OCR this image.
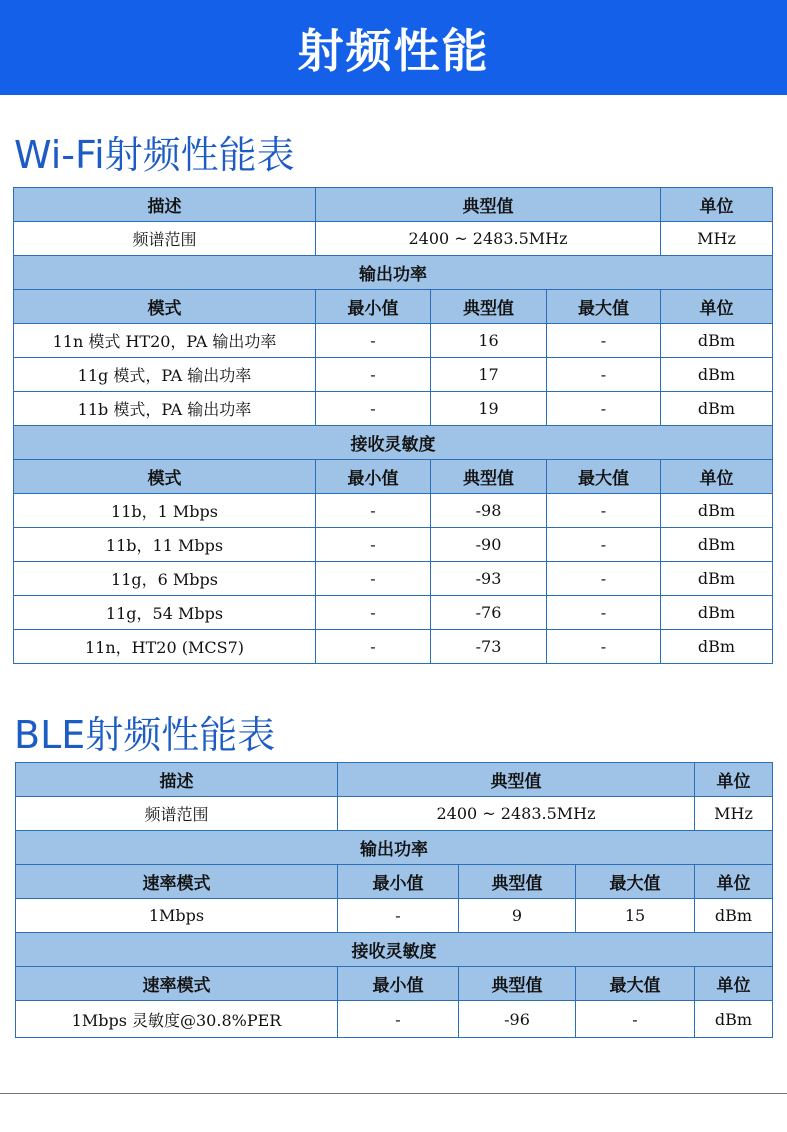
射频性能
Wi-Fi射频性能表
描述	典型值			单位
频谱范围	2400 ~ 2483.5MHz			MHz
输出功率				
模式	最小值	典型值	最大值	单位
11n 模式 HT20，PA 输出功率	-	16	-	dBm
11g 模式，PA 输出功率	-	17	-	dBm
11b 模式，PA 输出功率	-	19	-	dBm
接收灵敏度				
模式	最小值	典型值	最大值	单位
11b，1 Mbps	-	-98	-	dBm
11b，11 Mbps	-	-90	-	dBm
11g，6 Mbps	-	-93	-	dBm
11g，54 Mbps	-	-76	-	dBm
11n，HT20 (MCS7)	-	-73	-	dBm
BLE射频性能表
描述	典型值			单位
频谱范围	2400 ~ 2483.5MHz			MHz
输出功率				
速率模式	最小值	典型值	最大值	单位
1Mbps	-	9	15	dBm
接收灵敏度				
速率模式	最小值	典型值	最大值	单位
1Mbps 灵敏度@30.8%PER	-	-96	-	dBm
